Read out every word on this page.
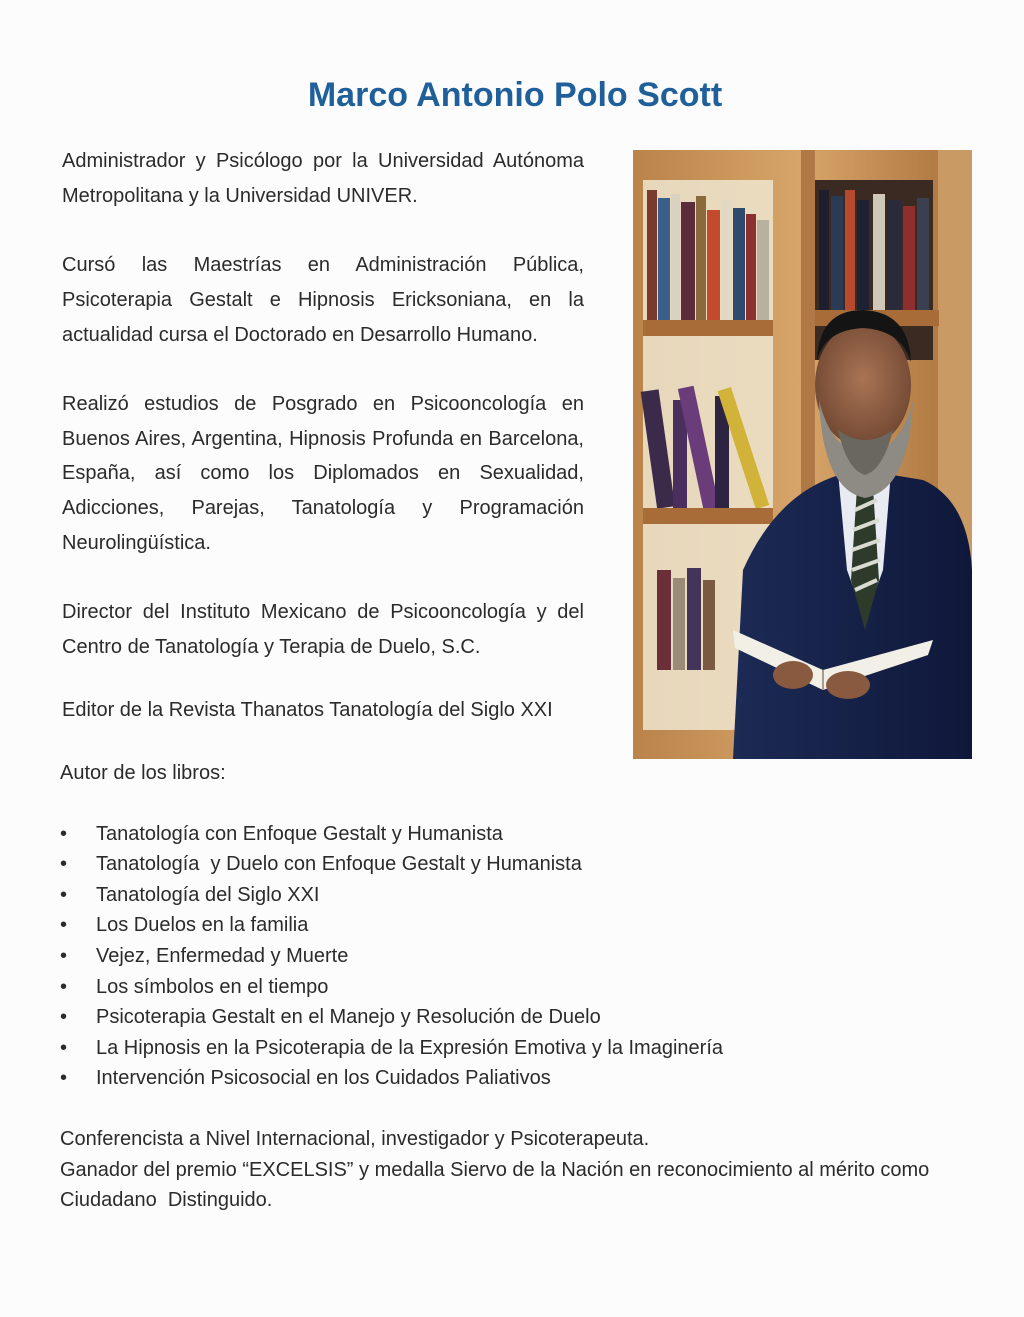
Marco Antonio Polo Scott

Administrador y Psicólogo por la Universidad Autónoma Metropolitana y la Universidad UNIVER.

Cursó las Maestrías en Administración Pública, Psicoterapia Gestalt e Hipnosis Ericksoniana, en la actualidad cursa el Doctorado en Desarrollo Humano.

Realizó estudios de Posgrado en Psicooncología en Buenos Aires, Argentina, Hipnosis Profunda en Barcelona, España, así como los Diplomados en Sexualidad, Adicciones, Parejas, Tanatología y Programación Neurolingüística.

Director del Instituto Mexicano de Psicooncología y del Centro de Tanatología y Terapia de Duelo, S.C.

Editor de la Revista Thanatos Tanatología del Siglo XXI

Autor de los libros:
• Tanatología con Enfoque Gestalt y Humanista
• Tanatología  y Duelo con Enfoque Gestalt y Humanista
• Tanatología del Siglo XXI
• Los Duelos en la familia
• Vejez, Enfermedad y Muerte
• Los símbolos en el tiempo
• Psicoterapia Gestalt en el Manejo y Resolución de Duelo
• La Hipnosis en la Psicoterapia de la Expresión Emotiva y la Imaginería
• Intervención Psicosocial en los Cuidados Paliativos

Conferencista a Nivel Internacional, investigador y Psicoterapeuta.

Ganador del premio “EXCELSIS” y medalla Siervo de la Nación en reconocimiento al mérito como Ciudadano  Distinguido.
